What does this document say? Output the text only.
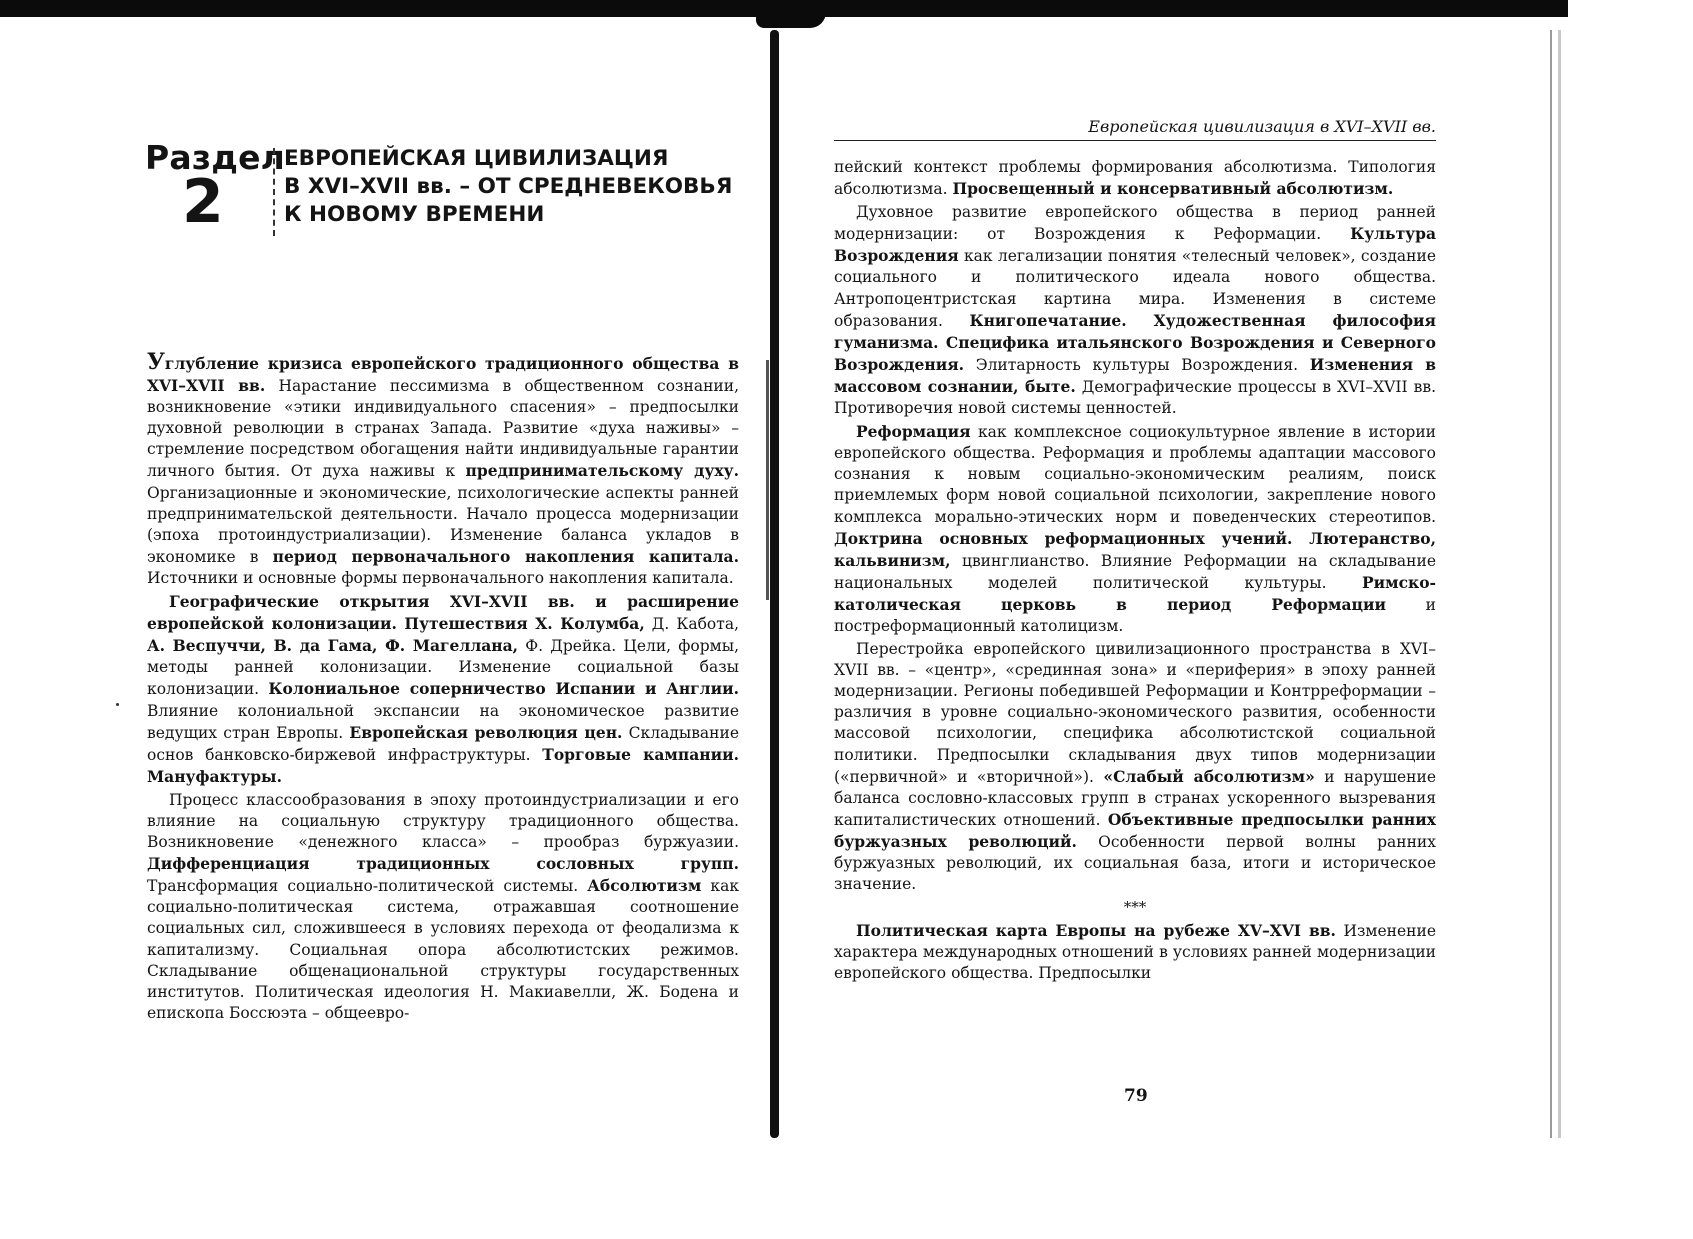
Раздел
2
ЕВРОПЕЙСКАЯ ЦИВИЛИЗАЦИЯ
В XVI–XVII вв. – ОТ СРЕДНЕВЕКОВЬЯ
К НОВОМУ ВРЕМЕНИ

Углубление кризиса европейского традиционного общества в XVI–XVII вв. Нарастание пессимизма в общественном сознании, возникновение «этики индивидуального спасения» – предпосылки духовной революции в странах Запада. Развитие «духа наживы» – стремление посредством обогащения найти индивидуальные гарантии личного бытия. От духа наживы к предпринимательскому духу. Организационные и экономические, психологические аспекты ранней предпринимательской деятельности. Начало процесса модернизации (эпоха протоиндустриализации). Изменение баланса укладов в экономике в период первоначального накопления капитала. Источники и основные формы первоначального накопления капитала.

Географические открытия XVI–XVII вв. и расширение европейской колонизации. Путешествия Х. Колумба, Д. Кабота, А. Веспуччи, В. да Гама, Ф. Магеллана, Ф. Дрейка. Цели, формы, методы ранней колонизации. Изменение социальной базы колонизации. Колониальное соперничество Испании и Англии. Влияние колониальной экспансии на экономическое развитие ведущих стран Европы. Европейская революция цен. Складывание основ банковско-биржевой инфраструктуры. Торговые кампании. Мануфактуры.

Процесс классообразования в эпоху протоиндустриализации и его влияние на социальную структуру традиционного общества. Возникновение «денежного класса» – прообраз буржуазии. Дифференциация традиционных сословных групп. Трансформация социально-политической системы. Абсолютизм как социально-политическая система, отражавшая соотношение социальных сил, сложившееся в условиях перехода от феодализма к капитализму. Социальная опора абсолютистских режимов. Складывание общенациональной структуры государственных институтов. Политическая идеология Н. Макиавелли, Ж. Бодена и епископа Боссюэта – общеевро-

Европейская цивилизация в XVI–XVII вв.

пейский контекст проблемы формирования абсолютизма. Типология абсолютизма. Просвещенный и консервативный абсолютизм.

Духовное развитие европейского общества в период ранней модернизации: от Возрождения к Реформации. Культура Возрождения как легализации понятия «телесный человек», создание социального и политического идеала нового общества. Антропоцентристская картина мира. Изменения в системе образования. Книгопечатание. Художественная философия гуманизма. Специфика итальянского Возрождения и Северного Возрождения. Элитарность культуры Возрождения. Изменения в массовом сознании, быте. Демографические процессы в XVI–XVII вв. Противоречия новой системы ценностей.

Реформация как комплексное социокультурное явление в истории европейского общества. Реформация и проблемы адаптации массового сознания к новым социально-экономическим реалиям, поиск приемлемых форм новой социальной психологии, закрепление нового комплекса морально-этических норм и поведенческих стереотипов. Доктрина основных реформационных учений. Лютеранство, кальвинизм, цвинглианство. Влияние Реформации на складывание национальных моделей политической культуры. Римско-католическая церковь в период Реформации и постреформационный католицизм.

Перестройка европейского цивилизационного пространства в XVI–XVII вв. – «центр», «срединная зона» и «периферия» в эпоху ранней модернизации. Регионы победившей Реформации и Контрреформации – различия в уровне социально-экономического развития, особенности массовой психологии, специфика абсолютистской социальной политики. Предпосылки складывания двух типов модернизации («первичной» и «вторичной»). «Слабый абсолютизм» и нарушение баланса сословно-классовых групп в странах ускоренного вызревания капиталистических отношений. Объективные предпосылки ранних буржуазных революций. Особенности первой волны ранних буржуазных революций, их социальная база, итоги и историческое значение.

***

Политическая карта Европы на рубеже XV–XVI вв. Изменение характера международных отношений в условиях ранней модернизации европейского общества. Предпосылки

79
